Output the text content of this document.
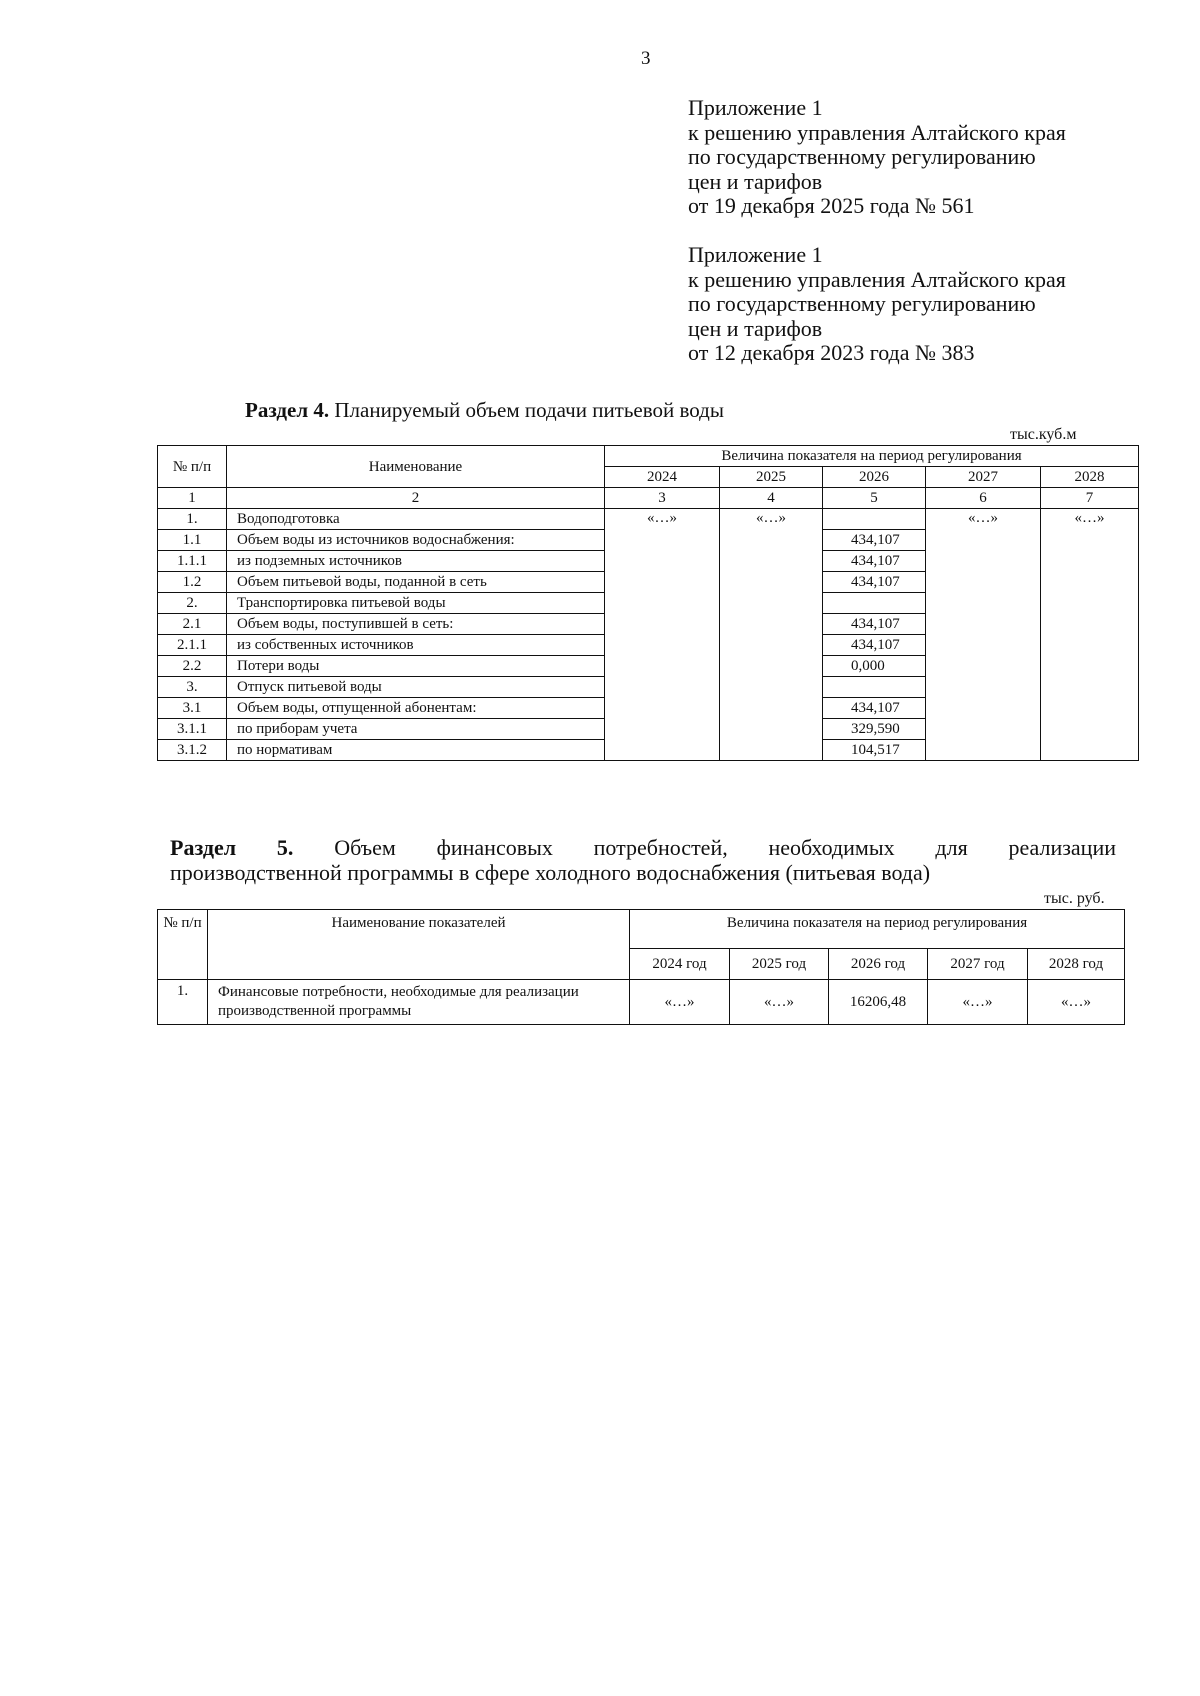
3
Приложение 1
к решению управления Алтайского края
по государственному регулированию
цен и тарифов
от 19 декабря 2025 года № 561
Приложение 1
к решению управления Алтайского края
по государственному регулированию
цен и тарифов
от 12 декабря 2023 года № 383
Раздел 4. Планируемый объем подачи питьевой воды
тыс.куб.м
№ п/п	Наименование	Величина показателя на период регулирования				
		2024	2025	2026	2027	2028
1	2	3	4	5	6	7
1.	Водоподготовка	«…»	«…»		«…»	«…»
1.1	Объем воды из источников водоснабжения:			434,107		
1.1.1	из подземных источников			434,107		
1.2	Объем питьевой воды, поданной в сеть			434,107		
2.	Транспортировка питьевой воды					
2.1	Объем воды, поступившей в сеть:			434,107		
2.1.1	из собственных источников			434,107		
2.2	Потери воды			0,000		
3.	Отпуск питьевой воды					
3.1	Объем воды, отпущенной абонентам:			434,107		
3.1.1	по приборам учета			329,590		
3.1.2	по нормативам			104,517		
Раздел 5. Объем финансовых потребностей, необходимых для реализации
производственной программы в сфере холодного водоснабжения (питьевая вода)
тыс. руб.
№ п/п	Наименование показателей	Величина показателя на период регулирования				
		2024 год	2025 год	2026 год	2027 год	2028 год
1.	Финансовые потребности, необходимые для реализации производственной программы	«…»	«…»	16206,48	«…»	«…»
